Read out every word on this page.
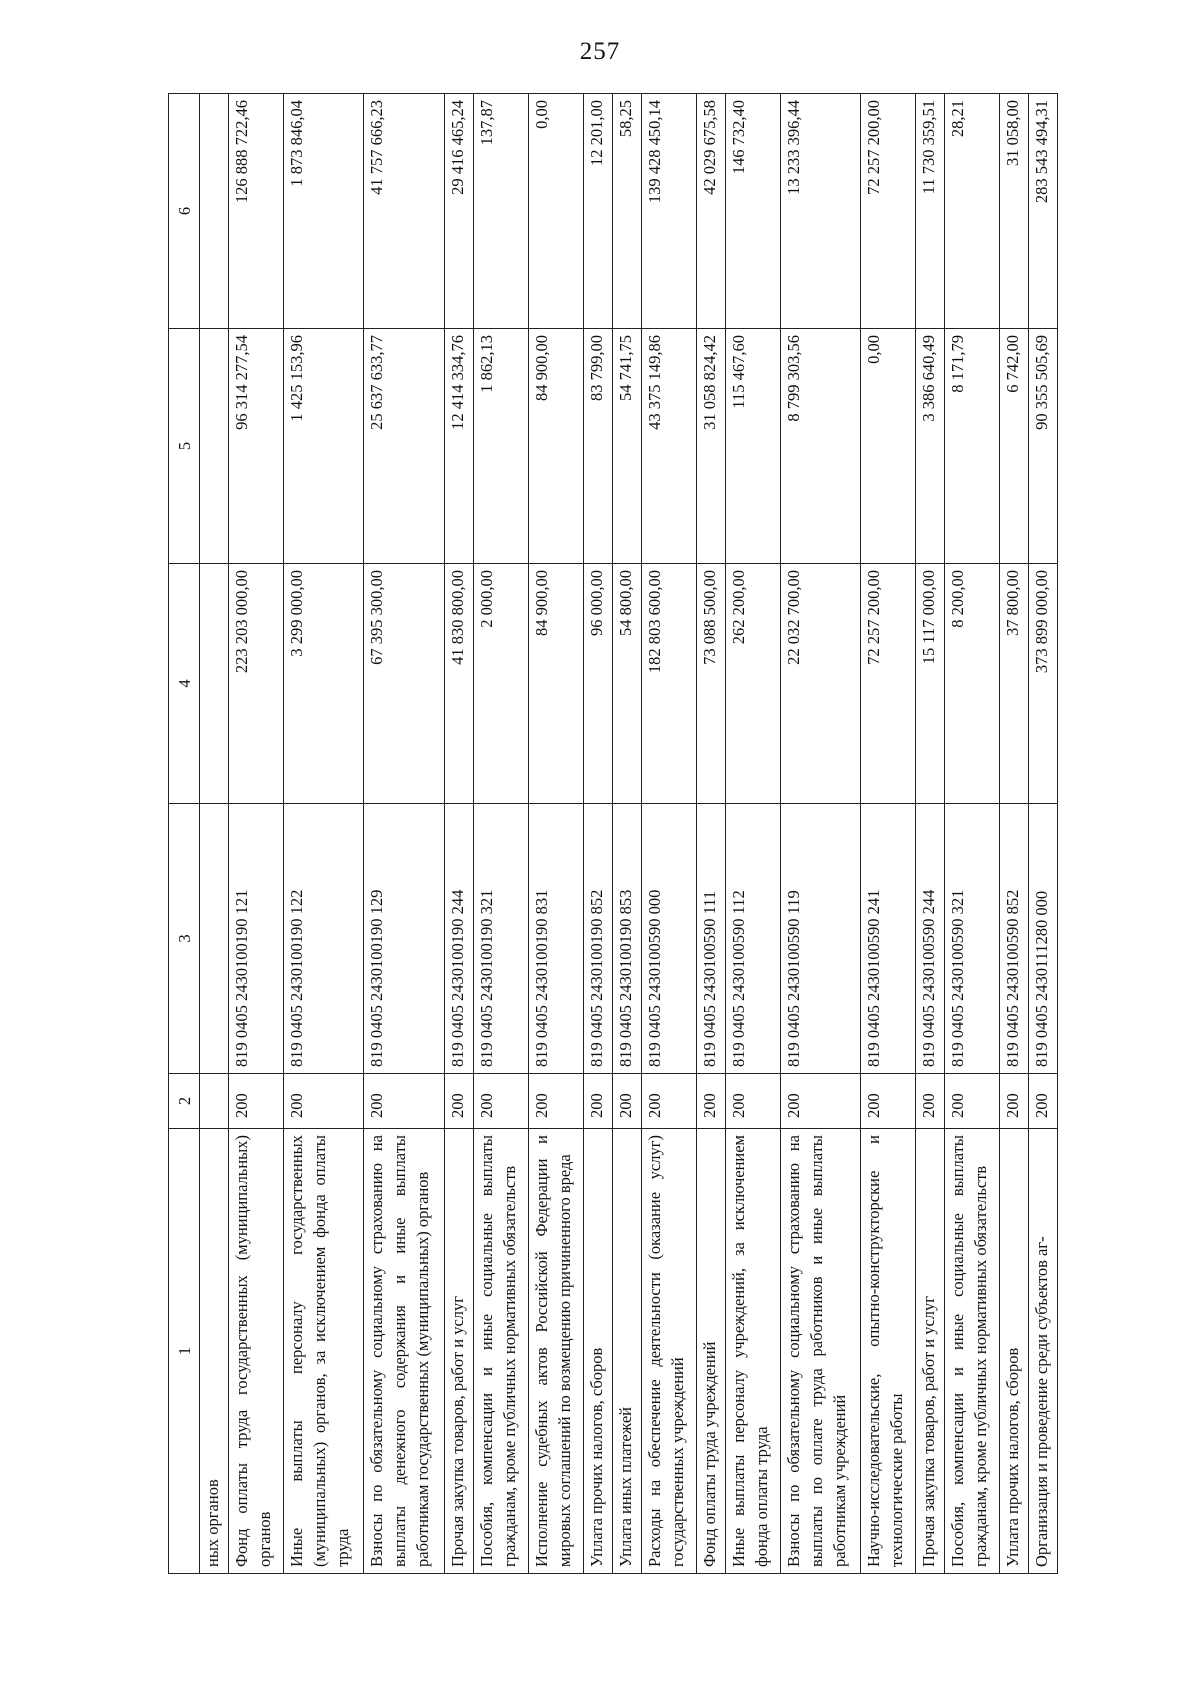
257
1	2	3	4	5	6
ных органов					
Фонд оплаты труда государственных (муниципальных) органов	200	819 0405 2430100190 121	223 203 000,00	96 314 277,54	126 888 722,46
Иные выплаты персоналу государственных (муниципальных) органов, за исключением фонда оплаты труда	200	819 0405 2430100190 122	3 299 000,00	1 425 153,96	1 873 846,04
Взносы по обязательному социальному страхованию на выплаты денежного содержания и иные выплаты работникам государственных (муниципальных) органов	200	819 0405 2430100190 129	67 395 300,00	25 637 633,77	41 757 666,23
Прочая закупка товаров, работ и услуг	200	819 0405 2430100190 244	41 830 800,00	12 414 334,76	29 416 465,24
Пособия, компенсации и иные социальные выплаты гражданам, кроме публичных нормативных обязательств	200	819 0405 2430100190 321	2 000,00	1 862,13	137,87
Исполнение судебных актов Российской Федерации и мировых соглашений по возмещению причиненного вреда	200	819 0405 2430100190 831	84 900,00	84 900,00	0,00
Уплата прочих налогов, сборов	200	819 0405 2430100190 852	96 000,00	83 799,00	12 201,00
Уплата иных платежей	200	819 0405 2430100190 853	54 800,00	54 741,75	58,25
Расходы на обеспечение деятельности (оказание услуг) государственных учреждений	200	819 0405 2430100590 000	182 803 600,00	43 375 149,86	139 428 450,14
Фонд оплаты труда учреждений	200	819 0405 2430100590 111	73 088 500,00	31 058 824,42	42 029 675,58
Иные выплаты персоналу учреждений, за исключением фонда оплаты труда	200	819 0405 2430100590 112	262 200,00	115 467,60	146 732,40
Взносы по обязательному социальному страхованию на выплаты по оплате труда работников и иные выплаты работникам учреждений	200	819 0405 2430100590 119	22 032 700,00	8 799 303,56	13 233 396,44
Научно-исследовательские, опытно-конструкторские и технологические работы	200	819 0405 2430100590 241	72 257 200,00	0,00	72 257 200,00
Прочая закупка товаров, работ и услуг	200	819 0405 2430100590 244	15 117 000,00	3 386 640,49	11 730 359,51
Пособия, компенсации и иные социальные выплаты гражданам, кроме публичных нормативных обязательств	200	819 0405 2430100590 321	8 200,00	8 171,79	28,21
Уплата прочих налогов, сборов	200	819 0405 2430100590 852	37 800,00	6 742,00	31 058,00
Организация и проведение среди субъектов аг-	200	819 0405 2430111280 000	373 899 000,00	90 355 505,69	283 543 494,31
